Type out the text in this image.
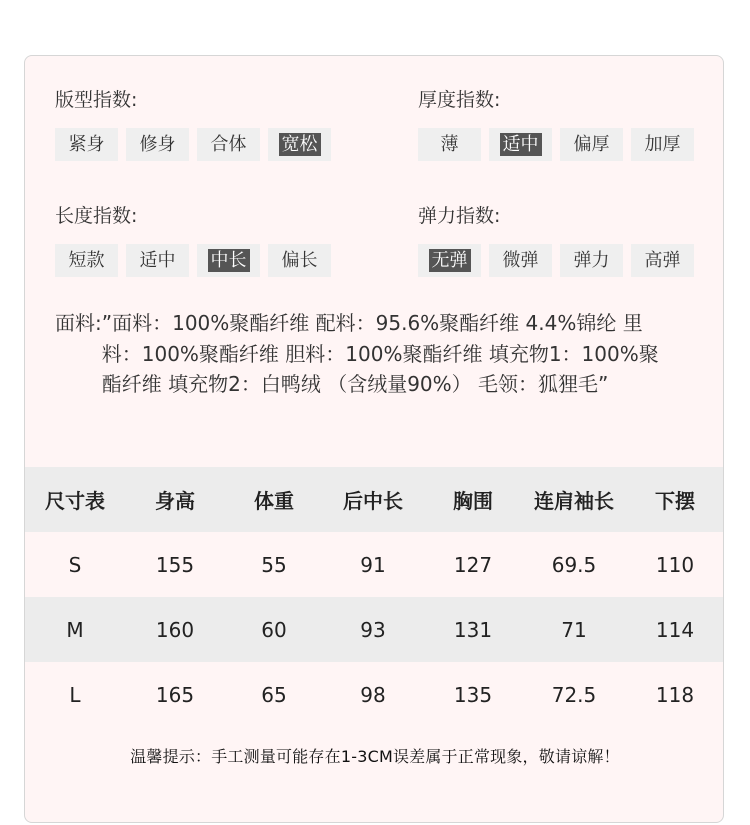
版型指数:
紧身	修身	合体	宽松
厚度指数:
薄	适中	偏厚	加厚
长度指数:
短款	适中	中长	偏长
弹力指数:
无弹	微弹	弹力	高弹
面料: ”面料：100%聚酯纤维 配料：95.6%聚酯纤维 4.4%锦纶 里料：100%聚酯纤维 胆料：100%聚酯纤维 填充物1：100%聚酯纤维 填充物2：白鸭绒 （含绒量90%） 毛领：狐狸毛”
尺寸表	身高	体重	后中长	胸围	连肩袖长	下摆
S	155	55	91	127	69.5	110
M	160	60	93	131	71	114
L	165	65	98	135	72.5	118
温馨提示：手工测量可能存在1-3CM误差属于正常现象，敬请谅解！
